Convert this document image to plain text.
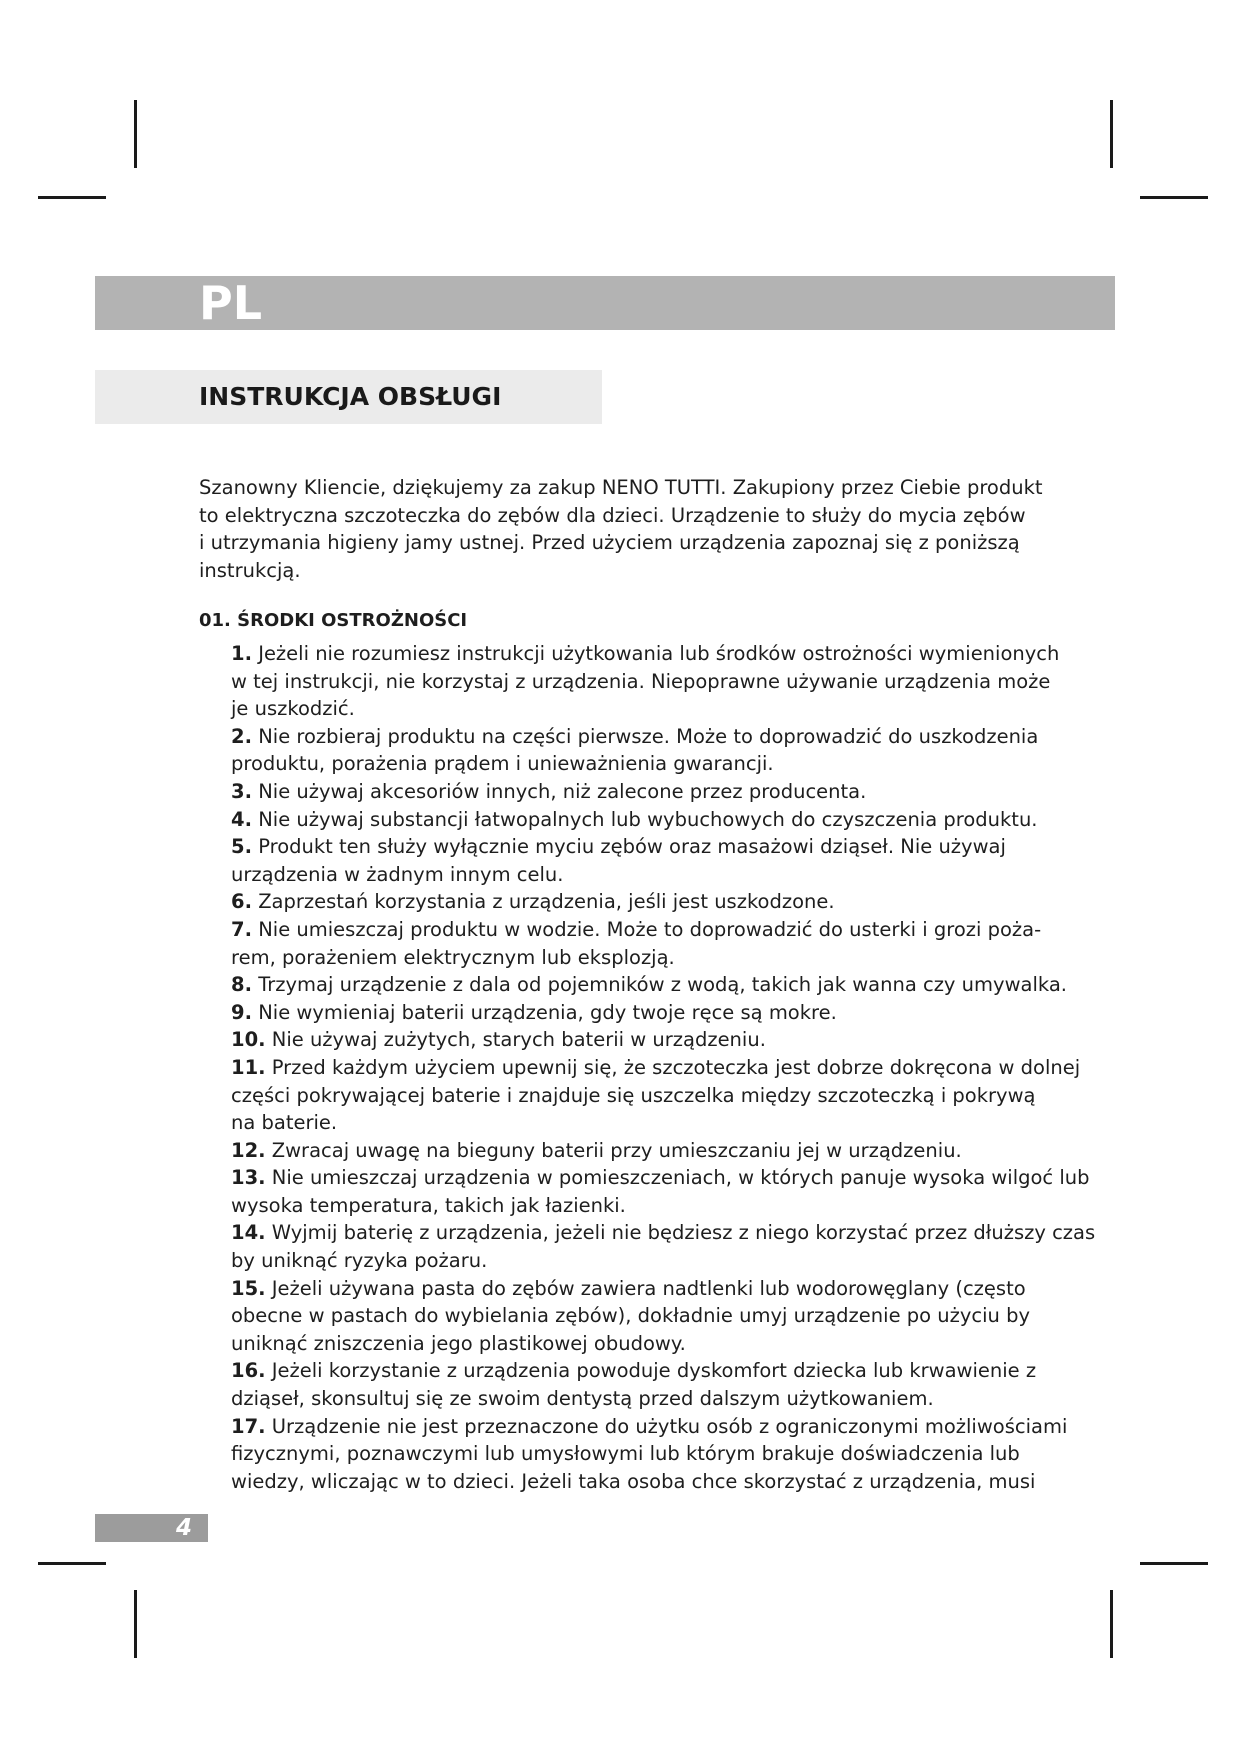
PL
INSTRUKCJA OBSŁUGI

Szanowny Kliencie, dziękujemy za zakup NENO TUTTI. Zakupiony przez Ciebie produkt
to elektryczna szczoteczka do zębów dla dzieci. Urządzenie to służy do mycia zębów
i utrzymania higieny jamy ustnej. Przed użyciem urządzenia zapoznaj się z poniższą
instrukcją.

01. ŚRODKI OSTROŻNOŚCI
1. Jeżeli nie rozumiesz instrukcji użytkowania lub środków ostrożności wymienionych
w tej instrukcji, nie korzystaj z urządzenia. Niepoprawne używanie urządzenia może
je uszkodzić.
2. Nie rozbieraj produktu na części pierwsze. Może to doprowadzić do uszkodzenia
produktu, porażenia prądem i unieważnienia gwarancji.
3. Nie używaj akcesoriów innych, niż zalecone przez producenta.
4. Nie używaj substancji łatwopalnych lub wybuchowych do czyszczenia produktu.
5. Produkt ten służy wyłącznie myciu zębów oraz masażowi dziąseł. Nie używaj
urządzenia w żadnym innym celu.
6. Zaprzestań korzystania z urządzenia, jeśli jest uszkodzone.
7. Nie umieszczaj produktu w wodzie. Może to doprowadzić do usterki i grozi poża-
rem, porażeniem elektrycznym lub eksplozją.
8. Trzymaj urządzenie z dala od pojemników z wodą, takich jak wanna czy umywalka.
9. Nie wymieniaj baterii urządzenia, gdy twoje ręce są mokre.
10. Nie używaj zużytych, starych baterii w urządzeniu.
11. Przed każdym użyciem upewnij się, że szczoteczka jest dobrze dokręcona w dolnej
części pokrywającej baterie i znajduje się uszczelka między szczoteczką i pokrywą
na baterie.
12. Zwracaj uwagę na bieguny baterii przy umieszczaniu jej w urządzeniu.
13. Nie umieszczaj urządzenia w pomieszczeniach, w których panuje wysoka wilgoć lub
wysoka temperatura, takich jak łazienki.
14. Wyjmij baterię z urządzenia, jeżeli nie będziesz z niego korzystać przez dłuższy czas
by uniknąć ryzyka pożaru.
15. Jeżeli używana pasta do zębów zawiera nadtlenki lub wodorowęglany (często
obecne w pastach do wybielania zębów), dokładnie umyj urządzenie po użyciu by
uniknąć zniszczenia jego plastikowej obudowy.
16. Jeżeli korzystanie z urządzenia powoduje dyskomfort dziecka lub krwawienie z
dziąseł, skonsultuj się ze swoim dentystą przed dalszym użytkowaniem.
17. Urządzenie nie jest przeznaczone do użytku osób z ograniczonymi możliwościami
fizycznymi, poznawczymi lub umysłowymi lub którym brakuje doświadczenia lub
wiedzy, wliczając w to dzieci. Jeżeli taka osoba chce skorzystać z urządzenia, musi
4
